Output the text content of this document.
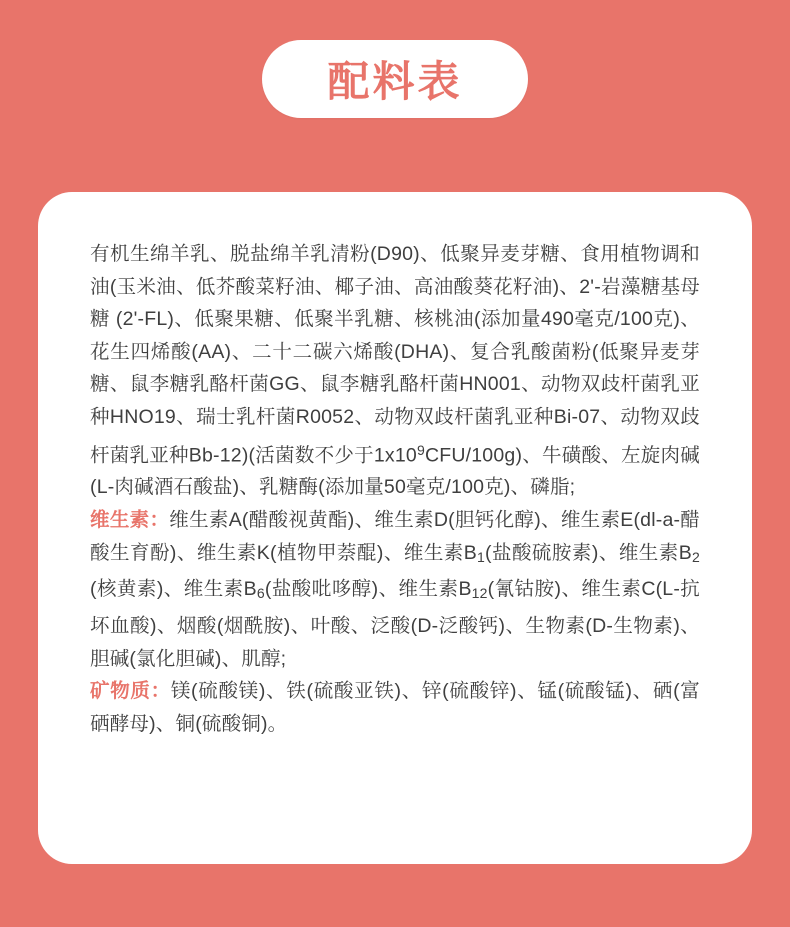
配料表

有机生绵羊乳、脱盐绵羊乳清粉(D90)、低聚异麦芽糖、食用植物调和油(玉米油、低芥酸菜籽油、椰子油、高油酸葵花籽油)、2'-岩藻糖基母糖 (2'-FL)、低聚果糖、低聚半乳糖、核桃油(添加量490毫克/100克)、花生四烯酸(AA)、二十二碳六烯酸(DHA)、复合乳酸菌粉(低聚异麦芽糖、鼠李糖乳酪杆菌GG、鼠李糖乳酪杆菌HN001、动物双歧杆菌乳亚种HNO19、瑞士乳杆菌R0052、动物双歧杆菌乳亚种Bi-07、动物双歧杆菌乳亚种Bb-12)(活菌数不少于$1x10^9CFU/100g$)、牛磺酸、左旋肉碱(L-肉碱酒石酸盐)、乳糖酶(添加量50毫克/100克)、磷脂;

维生素：维生素A(醋酸视黄酯)、维生素D(胆钙化醇)、维生素E(dl-a-醋酸生育酚)、维生素K(植物甲萘醌)、维生素$B_1$(盐酸硫胺素)、维生素$B_2$(核黄素)、维生素$B_6$(盐酸吡哆醇)、维生素$B_{12}$(氰钴胺)、维生素C(L-抗坏血酸)、烟酸(烟酰胺)、叶酸、泛酸(D-泛酸钙)、生物素(D-生物素)、胆碱(氯化胆碱)、肌醇;

矿物质：镁(硫酸镁)、铁(硫酸亚铁)、锌(硫酸锌)、锰(硫酸锰)、硒(富硒酵母)、铜(硫酸铜)。
